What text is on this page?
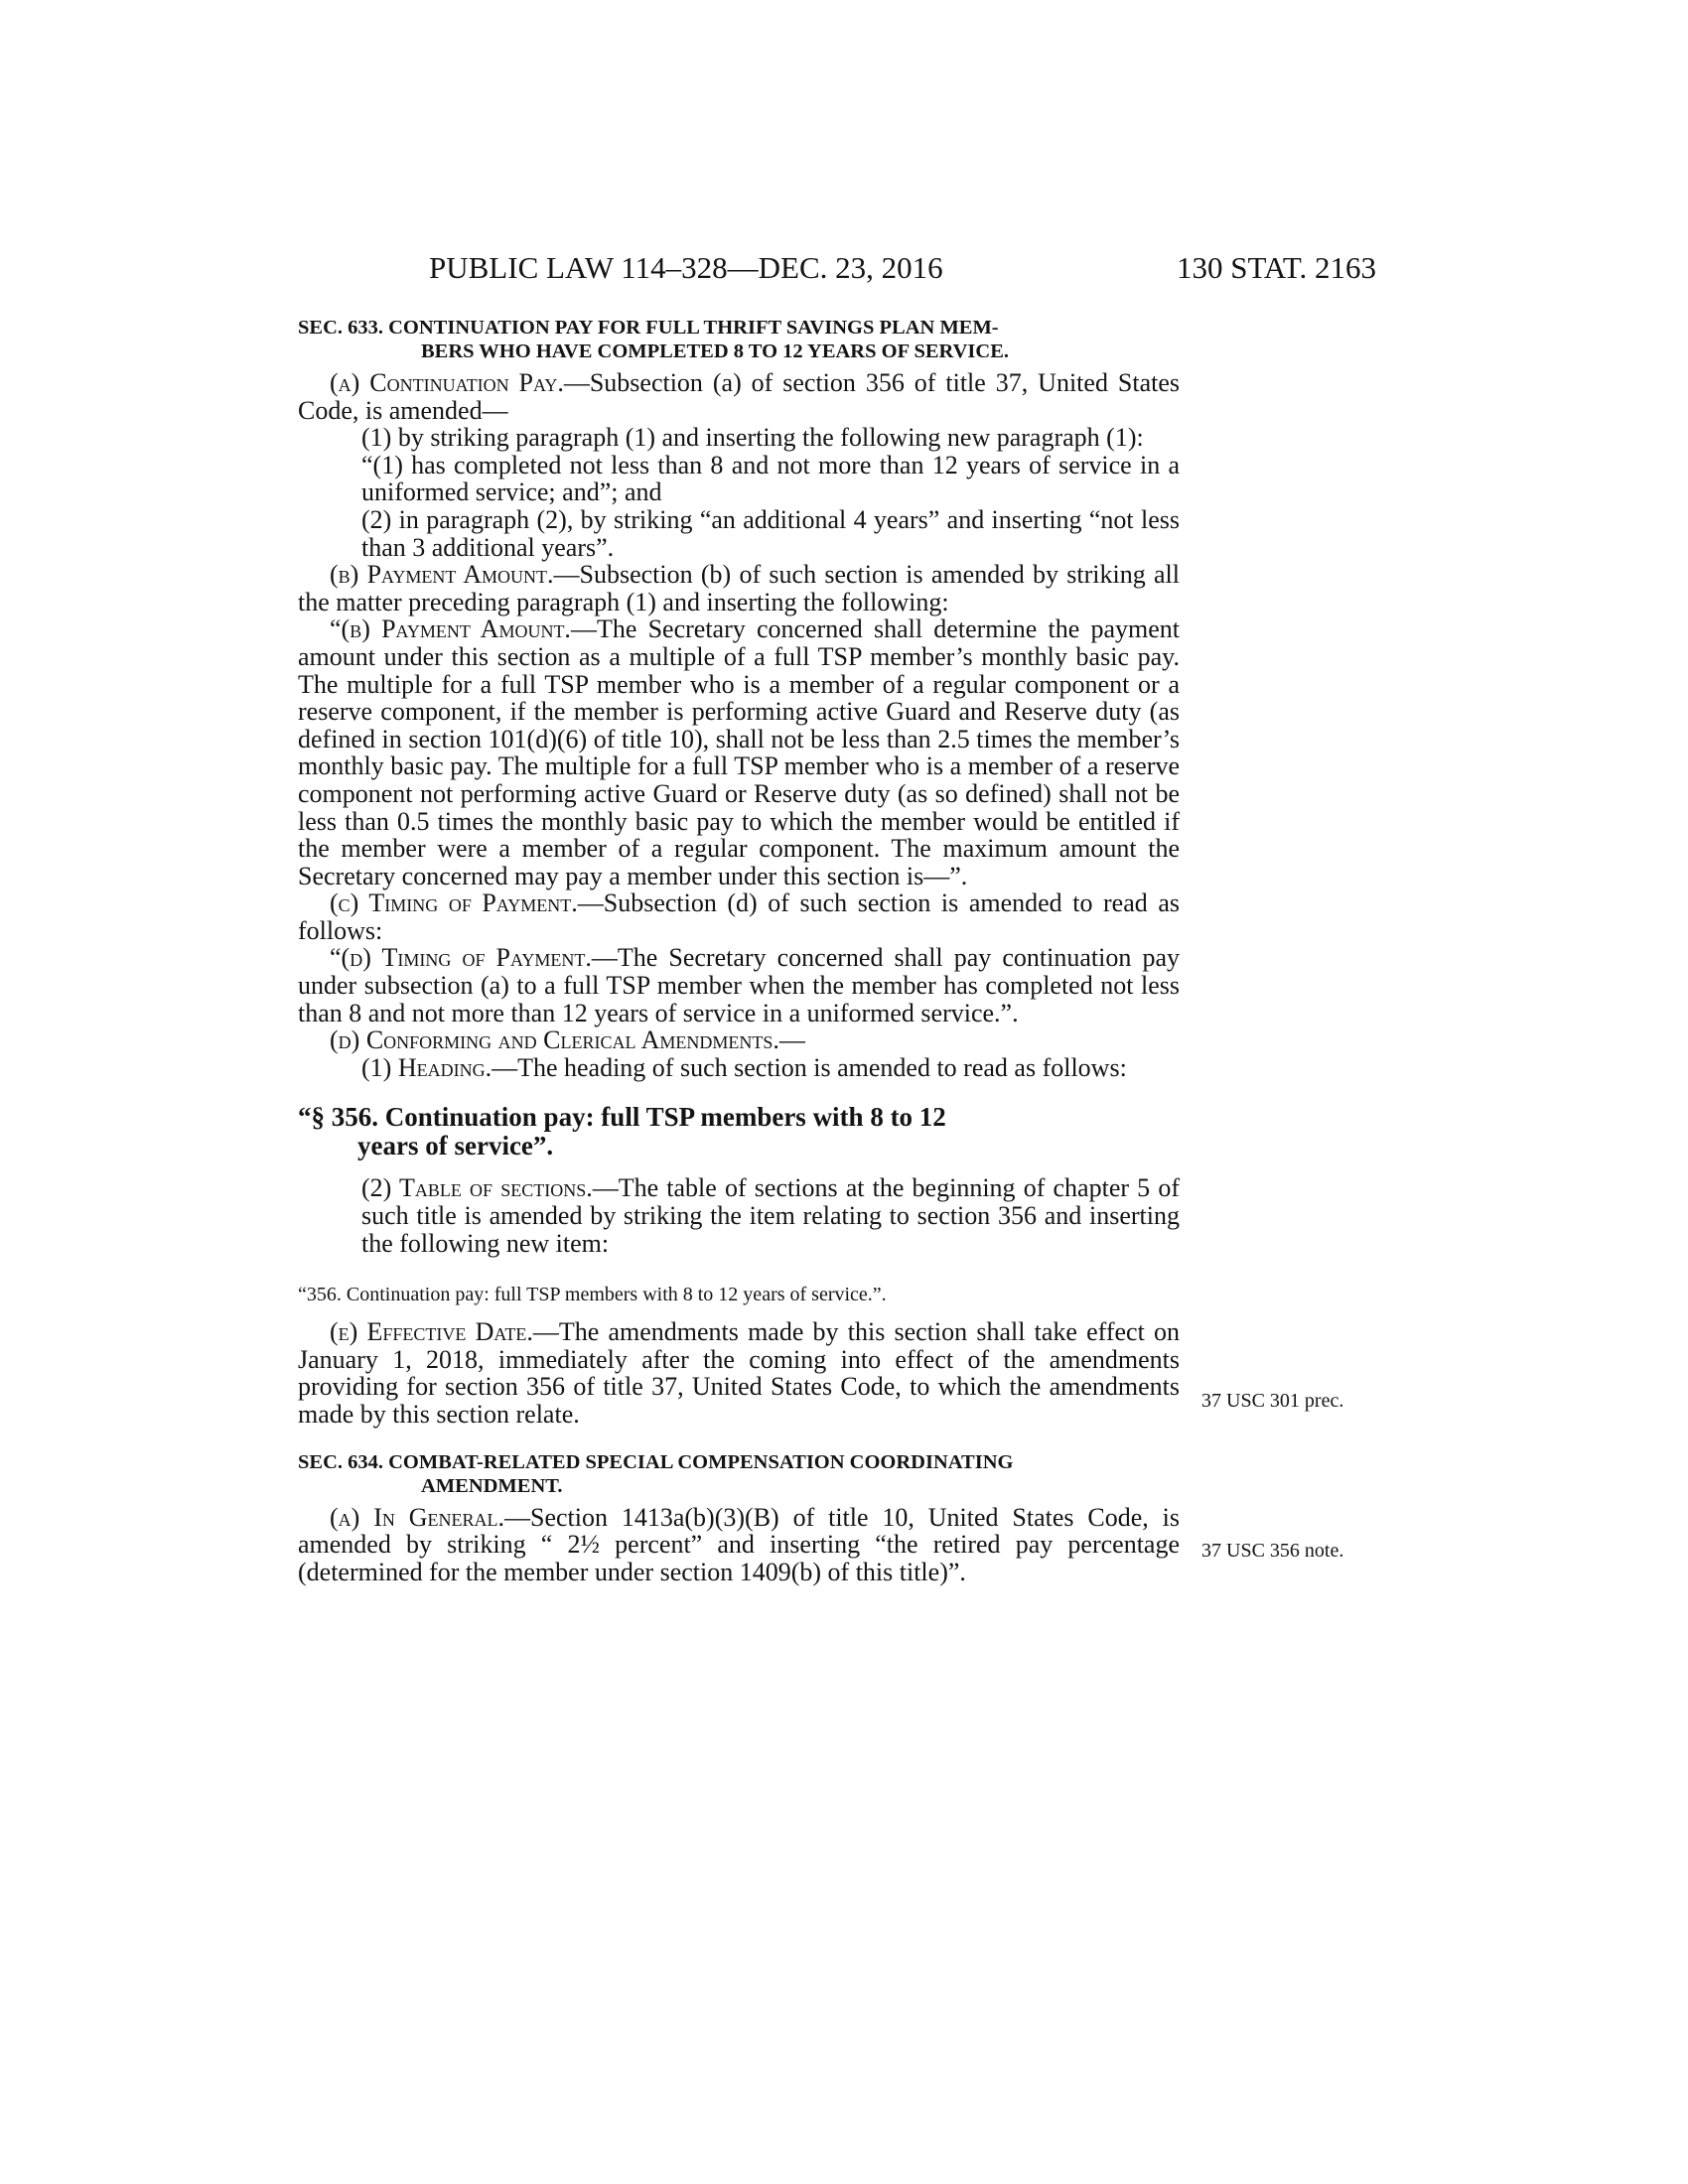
PUBLIC LAW 114–328—DEC. 23, 2016	130 STAT. 2163
SEC. 633. CONTINUATION PAY FOR FULL THRIFT SAVINGS PLAN MEM-
BERS WHO HAVE COMPLETED 8 TO 12 YEARS OF SERVICE.

(a) Continuation Pay.—Subsection (a) of section 356 of title 37, United States Code, is amended—

(1) by striking paragraph (1) and inserting the following new paragraph (1):

“(1) has completed not less than 8 and not more than 12 years of service in a uniformed service; and”; and

(2) in paragraph (2), by striking “an additional 4 years” and inserting “not less than 3 additional years”.

(b) Payment Amount.—Subsection (b) of such section is amended by striking all the matter preceding paragraph (1) and inserting the following:

“(b) Payment Amount.—The Secretary concerned shall determine the payment amount under this section as a multiple of a full TSP member’s monthly basic pay. The multiple for a full TSP member who is a member of a regular component or a reserve component, if the member is performing active Guard and Reserve duty (as defined in section 101(d)(6) of title 10), shall not be less than 2.5 times the member’s monthly basic pay. The multiple for a full TSP member who is a member of a reserve component not performing active Guard or Reserve duty (as so defined) shall not be less than 0.5 times the monthly basic pay to which the member would be entitled if the member were a member of a regular component. The maximum amount the Secretary concerned may pay a member under this section is—”.

(c) Timing of Payment.—Subsection (d) of such section is amended to read as follows:

“(d) Timing of Payment.—The Secretary concerned shall pay continuation pay under subsection (a) to a full TSP member when the member has completed not less than 8 and not more than 12 years of service in a uniformed service.”.

(d) Conforming and Clerical Amendments.—

(1) Heading.—The heading of such section is amended to read as follows:

“§ 356. Continuation pay: full TSP members with 8 to 12
years of service”.

(2) Table of sections.—The table of sections at the beginning of chapter 5 of such title is amended by striking the item relating to section 356 and inserting the following new item:

“356. Continuation pay: full TSP members with 8 to 12 years of service.”.

(e) Effective Date.—The amendments made by this section shall take effect on January 1, 2018, immediately after the coming into effect of the amendments providing for section 356 of title 37, United States Code, to which the amendments made by this section relate.

SEC. 634. COMBAT-RELATED SPECIAL COMPENSATION COORDINATING
AMENDMENT.

(a) In General.—Section 1413a(b)(3)(B) of title 10, United States Code, is amended by striking “ 2½ percent” and inserting “the retired pay percentage (determined for the member under section 1409(b) of this title)”.

37 USC 301 prec.
37 USC 356 note.
